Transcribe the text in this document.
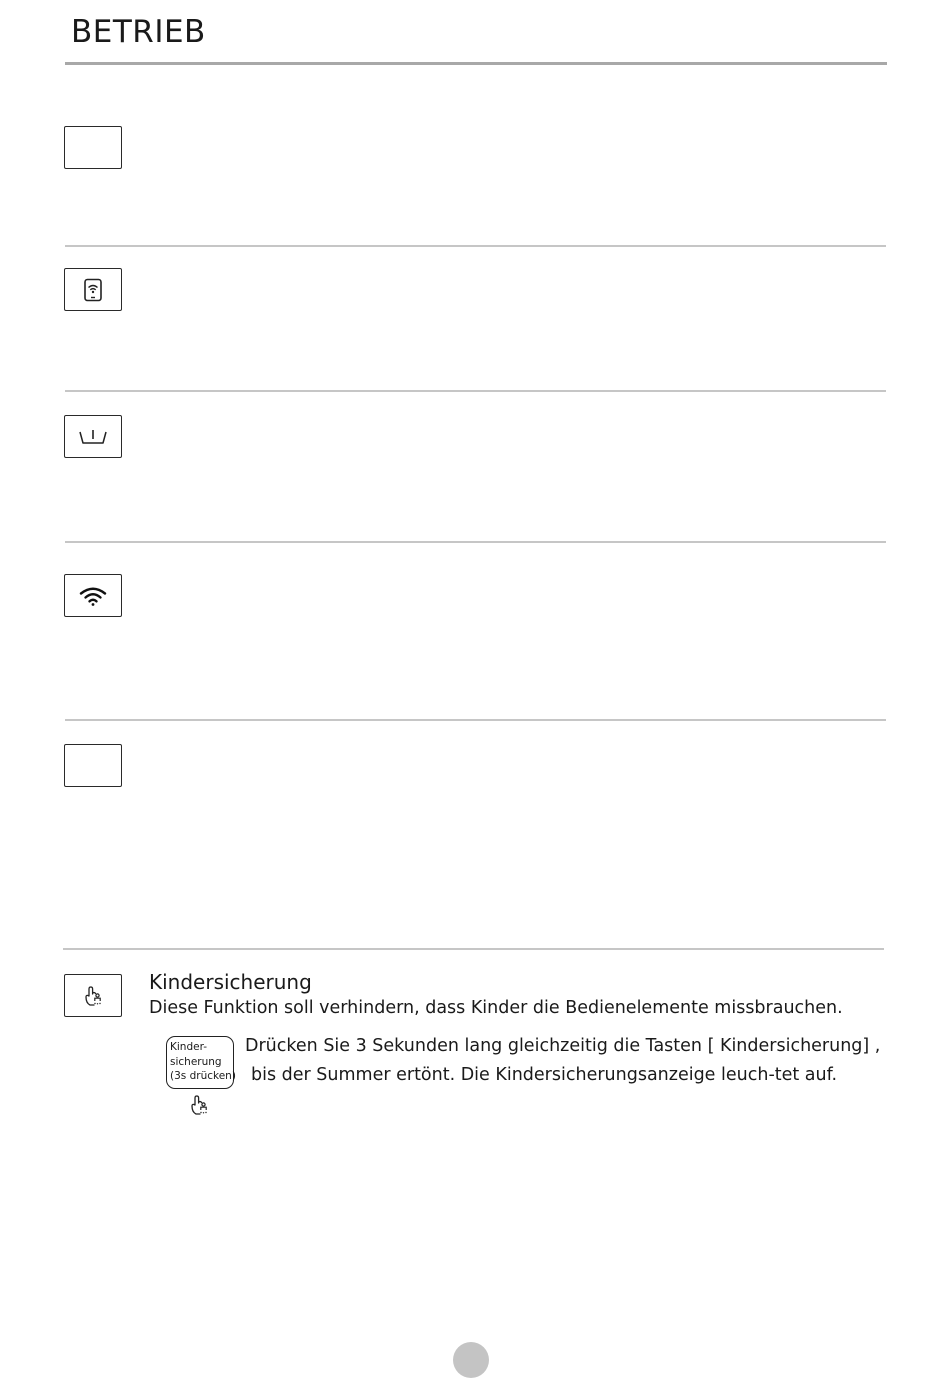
BETRIEB
Kindersicherung
Diese Funktion soll verhindern, dass Kinder die Bedienelemente missbrauchen.
Kinder-
sicherung
(3s drücken)
Drücken Sie 3 Sekunden lang gleichzeitig die Tasten [ Kindersicherung] ,
bis der Summer ertönt. Die Kindersicherungsanzeige leuch-tet auf.
